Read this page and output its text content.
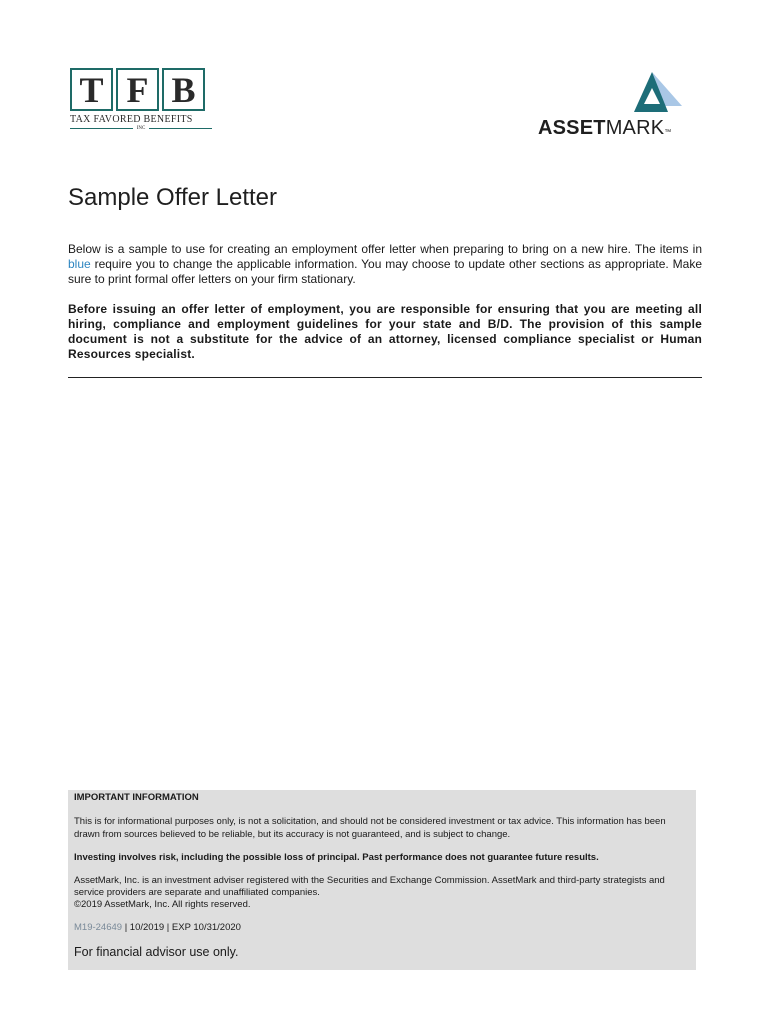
T F B
TAX FAVORED BENEFITS
INC	ASSETMARK™
Sample Offer Letter

Below is a sample to use for creating an employment offer letter when preparing to bring on a new hire. The items in blue require you to change the applicable information. You may choose to update other sections as appropriate. Make sure to print formal offer letters on your firm stationary.

Before issuing an offer letter of employment, you are responsible for ensuring that you are meeting all hiring, compliance and employment guidelines for your state and B/D. The provision of this sample document is not a substitute for the advice of an attorney, licensed compliance specialist or Human Resources specialist.

IMPORTANT INFORMATION

This is for informational purposes only, is not a solicitation, and should not be considered investment or tax advice. This information has been drawn from sources believed to be reliable, but its accuracy is not guaranteed, and is subject to change.

Investing involves risk, including the possible loss of principal. Past performance does not guarantee future results.

AssetMark, Inc. is an investment adviser registered with the Securities and Exchange Commission. AssetMark and third-party strategists and service providers are separate and unaffiliated companies.
©2019 AssetMark, Inc. All rights reserved.

M19-24649 | 10/2019 | EXP 10/31/2020
For financial advisor use only.
